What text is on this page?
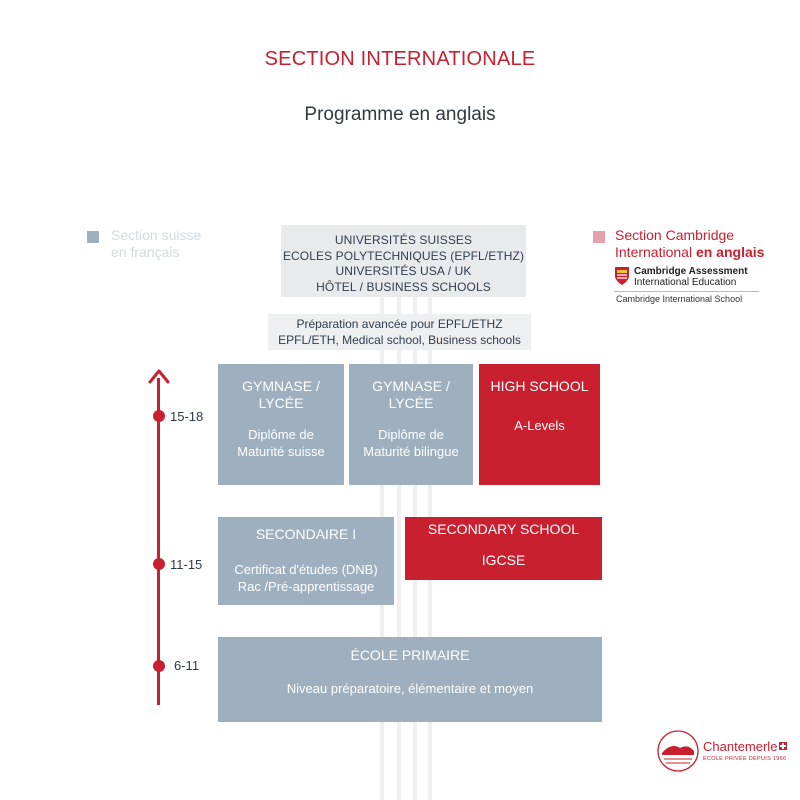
SECTION INTERNATIONALE
Programme en anglais
Section suisse
en français
Section Cambridge
International en anglais
Cambridge Assessment
International Education
Cambridge International School
UNIVERSITÉS SUISSES
ECOLES POLYTECHNIQUES (EPFL/ETHZ)
UNIVERSITÉS USA / UK
HÔTEL / BUSINESS SCHOOLS
Préparation avancée pour EPFL/ETHZ
EPFL/ETH, Medical school, Business schools
15-18
11-15
6-11
GYMNASE /
LYCÉE
Diplôme de
Maturité suisse
GYMNASE /
LYCÉE
Diplôme de
Maturité bilingue
HIGH SCHOOL
A-Levels
SECONDAIRE I
Certificat d'études (DNB)
Rac /Pré-apprentissage
SECONDARY SCHOOL
IGCSE
ÉCOLE PRIMAIRE
Niveau préparatoire, élémentaire et moyen
Chantemerle
ÉCOLE PRIVÉE DEPUIS 1966
